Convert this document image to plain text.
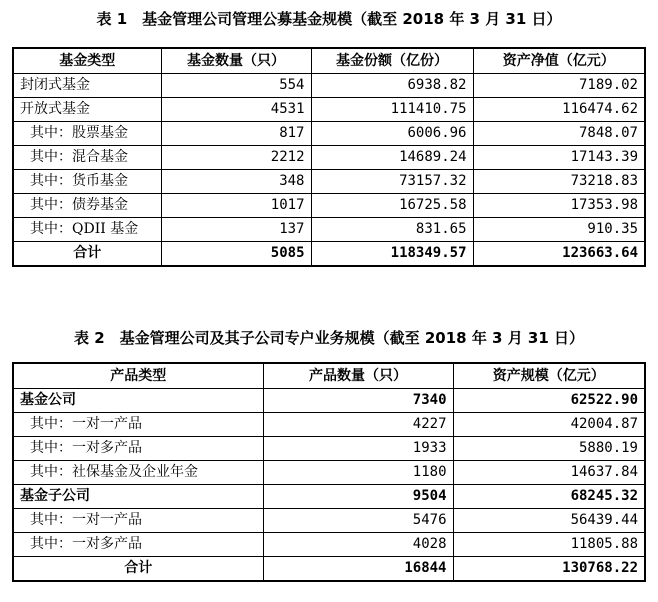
表 1　基金管理公司管理公募基金规模（截至 2018 年 3 月 31 日）
基金类型	基金数量（只）	基金份额（亿份）	资产净值（亿元）
封闭式基金	554	6938.82	7189.02
开放式基金	4531	111410.75	116474.62
其中：股票基金	817	6006.96	7848.07
其中：混合基金	2212	14689.24	17143.39
其中：货币基金	348	73157.32	73218.83
其中：债券基金	1017	16725.58	17353.98
其中：QDII 基金	137	831.65	910.35
合计	5085	118349.57	123663.64
表 2　基金管理公司及其子公司专户业务规模（截至 2018 年 3 月 31 日）
产品类型	产品数量（只）	资产规模（亿元）
基金公司	7340	62522.90
其中：一对一产品	4227	42004.87
其中：一对多产品	1933	5880.19
其中：社保基金及企业年金	1180	14637.84
基金子公司	9504	68245.32
其中：一对一产品	5476	56439.44
其中：一对多产品	4028	11805.88
合计	16844	130768.22
